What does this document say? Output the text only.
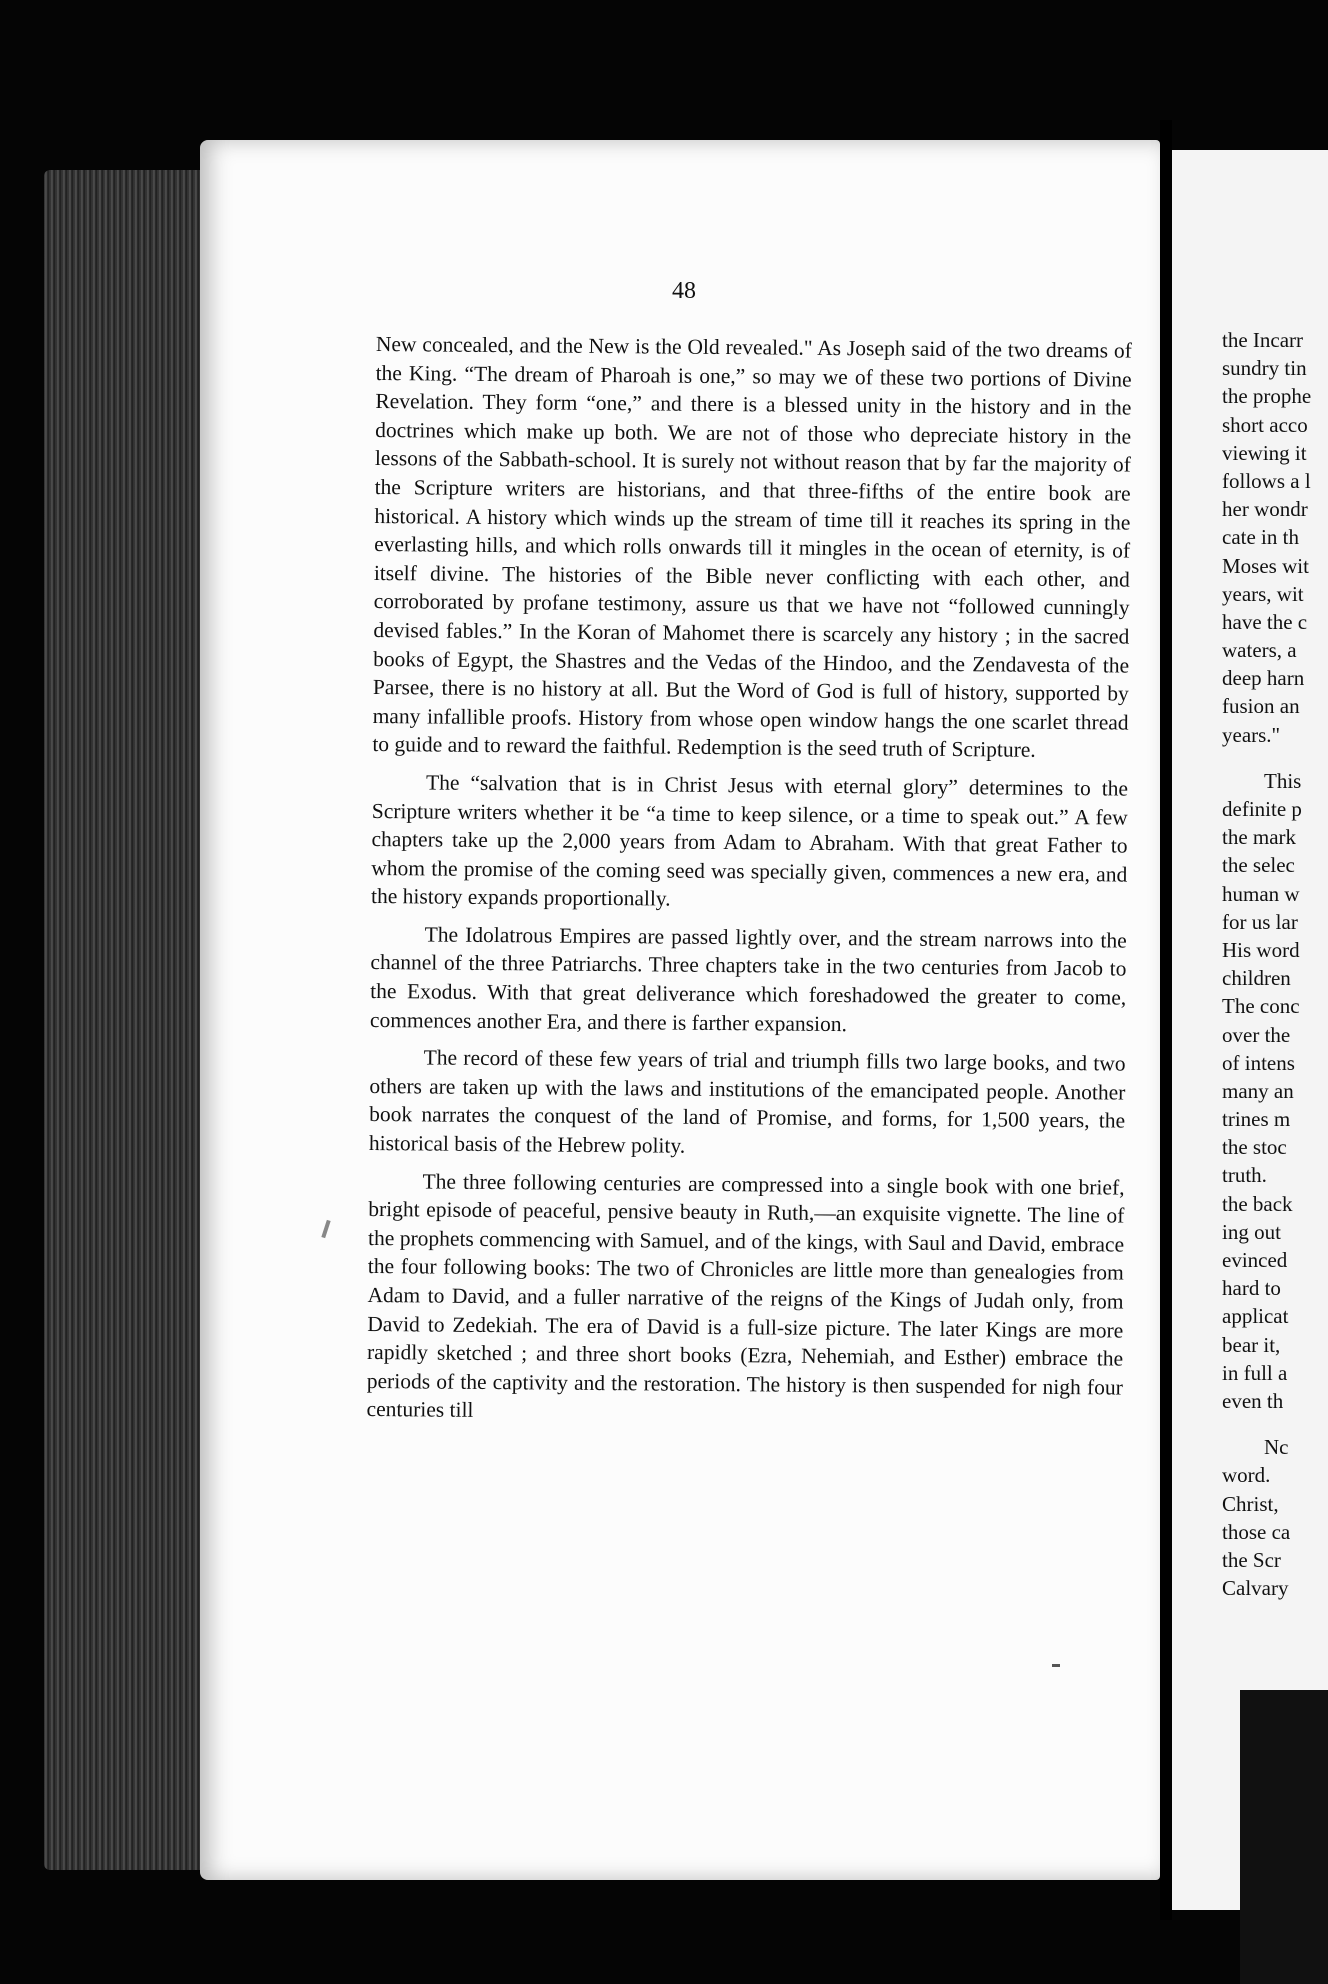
48

New concealed, and the New is the Old revealed." As Joseph said of the two dreams of the King. “The dream of Pharoah is one,” so may we of these two portions of Divine Revelation. They form “one,” and there is a blessed unity in the history and in the doctrines which make up both. We are not of those who depreciate history in the lessons of the Sabbath-school. It is surely not without reason that by far the majority of the Scripture writers are historians, and that three-fifths of the entire book are historical. A history which winds up the stream of time till it reaches its spring in the everlasting hills, and which rolls onwards till it mingles in the ocean of eternity, is of itself divine. The histories of the Bible never conflicting with each other, and corroborated by profane testimony, assure us that we have not “followed cunningly devised fables.” In the Koran of Mahomet there is scarcely any history ; in the sacred books of Egypt, the Shastres and the Vedas of the Hindoo, and the Zendavesta of the Parsee, there is no history at all. But the Word of God is full of history, supported by many infallible proofs. History from whose open window hangs the one scarlet thread to guide and to reward the faithful. Redemption is the seed truth of Scripture.

The “salvation that is in Christ Jesus with eternal glory” determines to the Scripture writers whether it be “a time to keep silence, or a time to speak out.” A few chapters take up the 2,000 years from Adam to Abraham. With that great Father to whom the promise of the coming seed was specially given, commences a new era, and the history expands proportionally.

The Idolatrous Empires are passed lightly over, and the stream narrows into the channel of the three Patriarchs. Three chapters take in the two centuries from Jacob to the Exodus. With that great deliverance which foreshadowed the greater to come, commences another Era, and there is farther expansion.

The record of these few years of trial and triumph fills two large books, and two others are taken up with the laws and institutions of the emancipated people. Another book narrates the conquest of the land of Promise, and forms, for 1,500 years, the historical basis of the Hebrew polity.

The three following centuries are compressed into a single book with one brief, bright episode of peaceful, pensive beauty in Ruth,—an exquisite vignette. The line of the prophets commencing with Samuel, and of the kings, with Saul and David, embrace the four following books: The two of Chronicles are little more than genealogies from Adam to David, and a fuller narrative of the reigns of the Kings of Judah only, from David to Zedekiah. The era of David is a full-size picture. The later Kings are more rapidly sketched ; and three short books (Ezra, Nehemiah, and Esther) embrace the periods of the captivity and the restoration. The history is then suspended for nigh four centuries till

the Incarr
sundry tin
the prophe
short acco
viewing it
follows a l
her wondr
cate in th
Moses wit
years, wit
have the c
waters, a
deep harn
fusion an
years."
This
definite p
the mark
the selec
human w
for us lar
His word
children
The conc
over the
of intens
many an
trines m
the stoc
truth.
the back
ing out
evinced
hard to
applicat
bear it,
in full a
even th
Nc
word.
Christ,
those ca
the Scr
Calvary
